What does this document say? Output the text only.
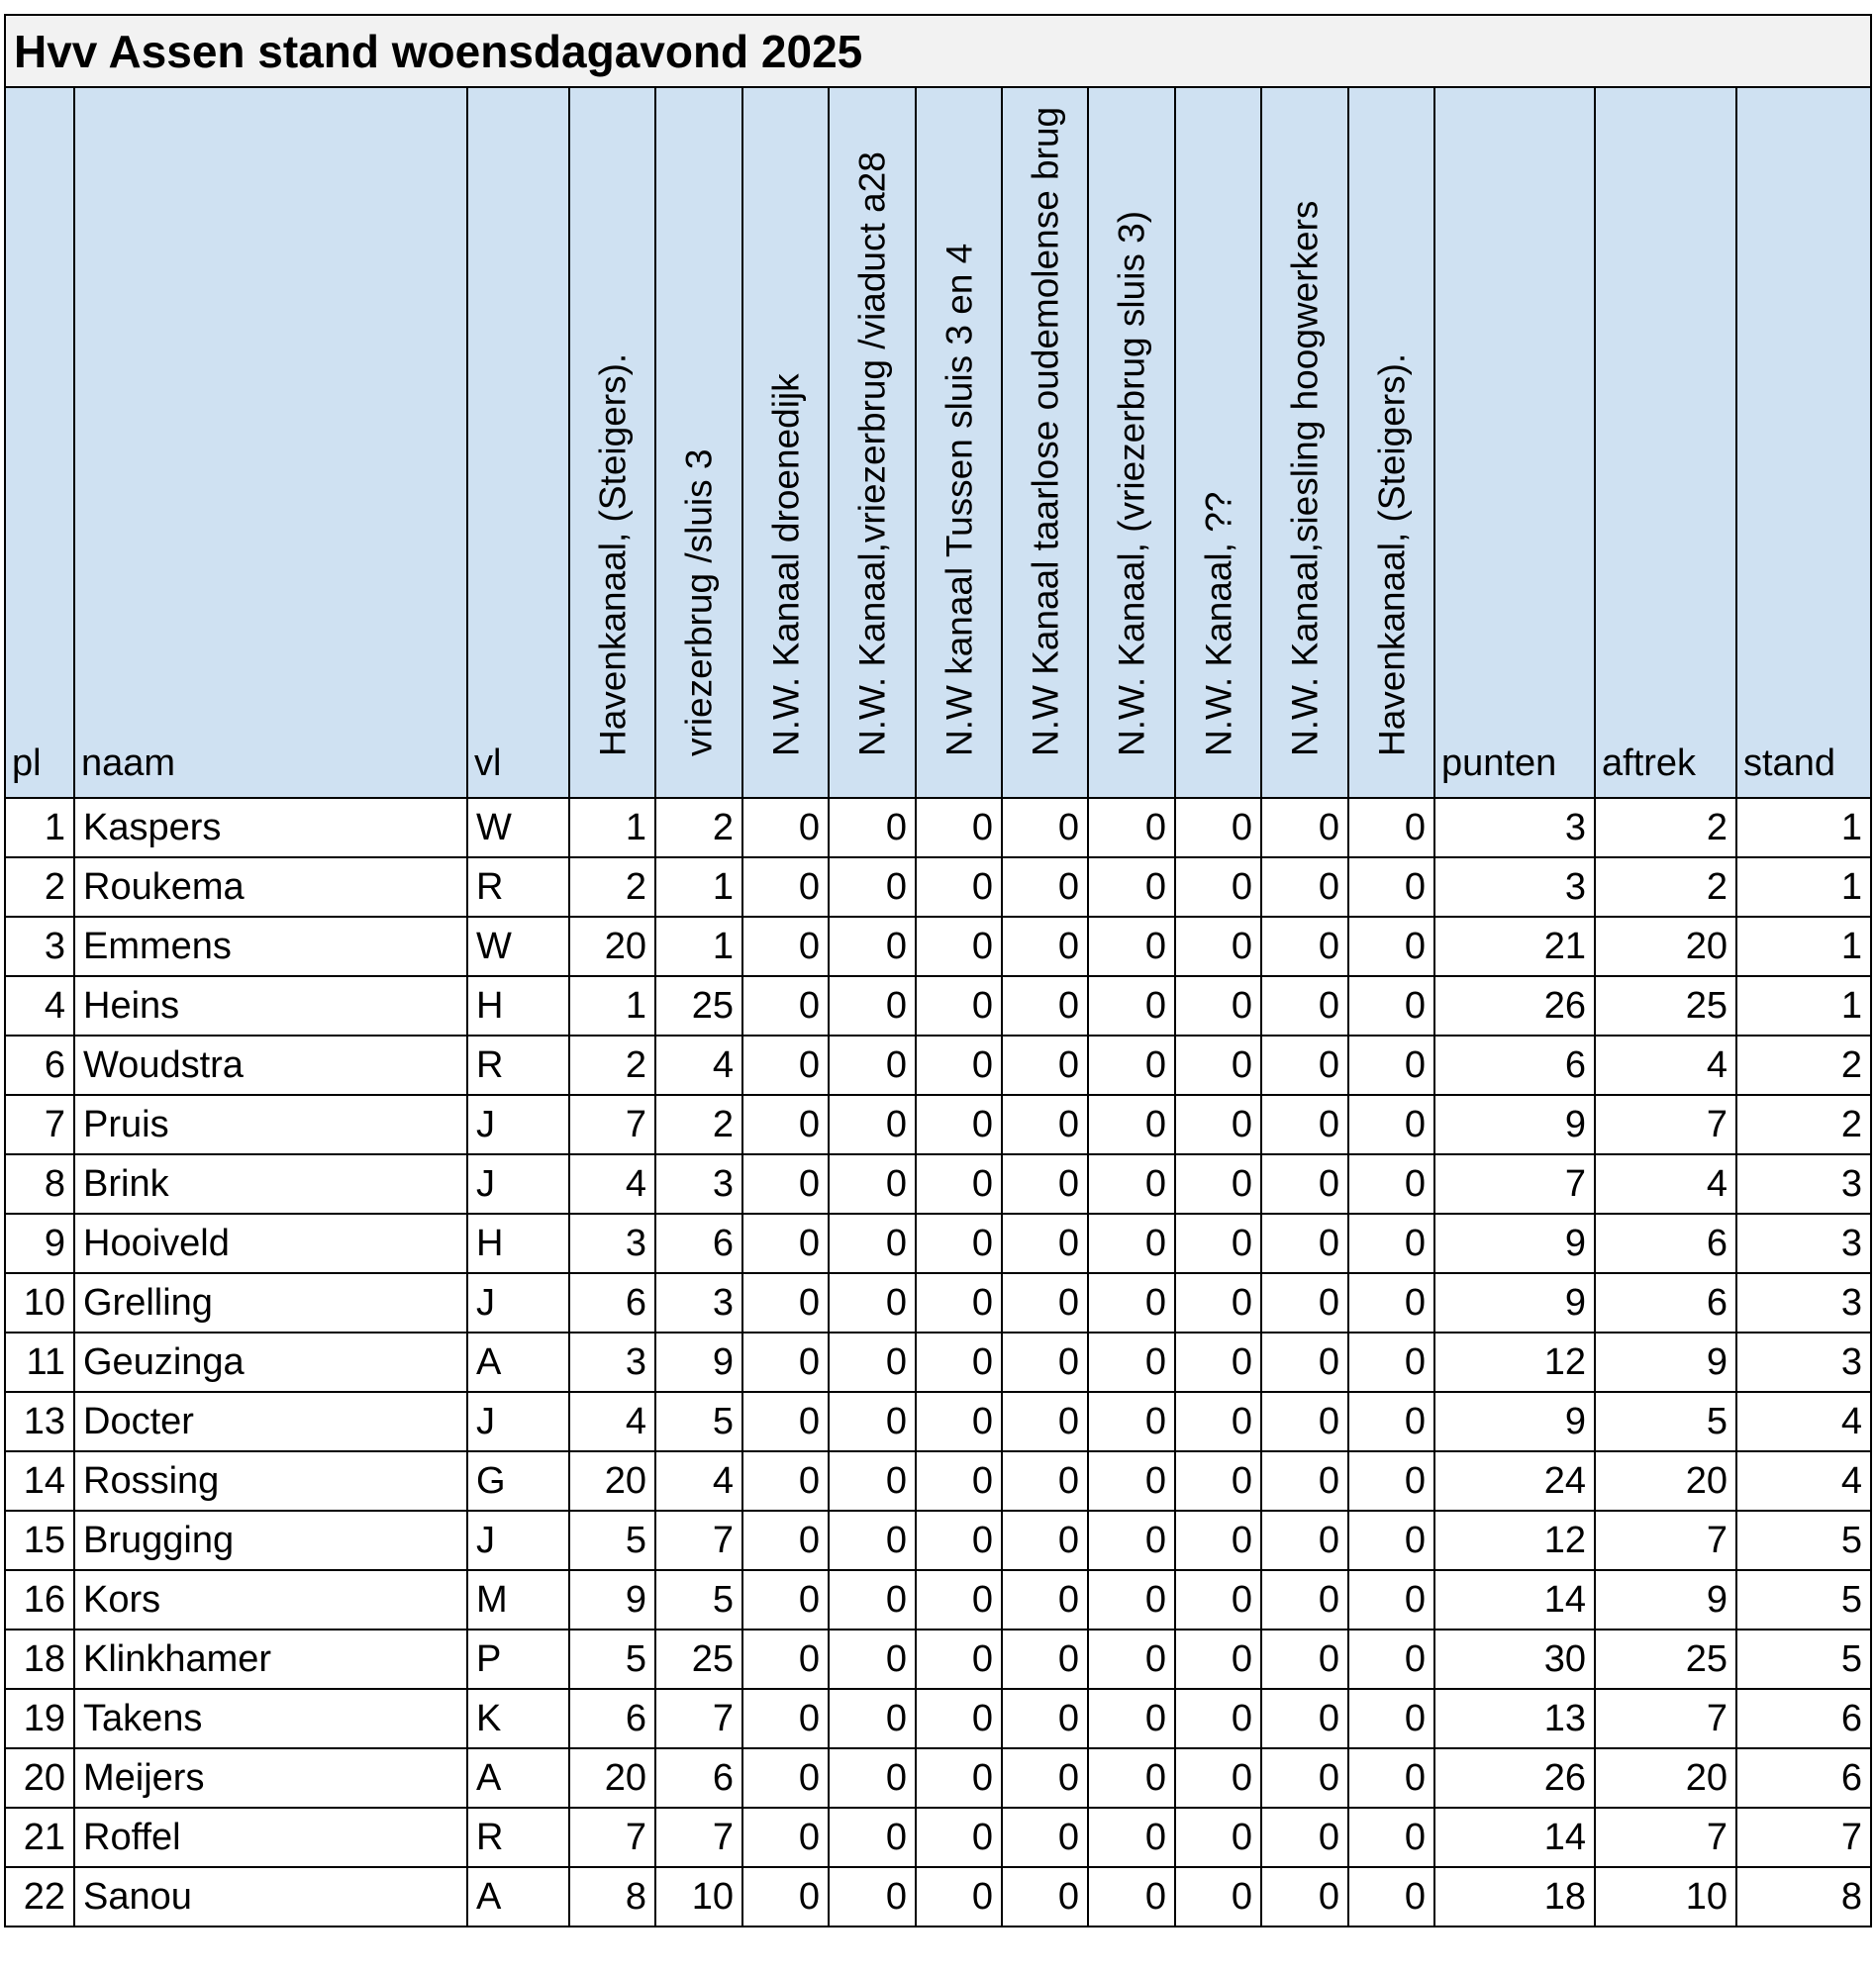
Hvv Assen stand woensdagavond 2025															

pl	naam	vl	Havenkanaal, (Steigers).	vriezerbrug /sluis 3	N.W. Kanaal droenedijk	N.W. Kanaal,vriezerbrug /viaduct a28	N.W kanaal Tussen sluis 3 en 4	N.W Kanaal taarlose oudemolense brug	N.W. Kanaal, (vriezerbrug sluis 3)	N.W. Kanaal, ??	N.W. Kanaal,siesling hoogwerkers	Havenkanaal, (Steigers).	punten	aftrek	stand

1	Kaspers	W	1	2	0	0	0	0	0	0	0	0	3	2	1
2	Roukema	R	2	1	0	0	0	0	0	0	0	0	3	2	1
3	Emmens	W	20	1	0	0	0	0	0	0	0	0	21	20	1
4	Heins	H	1	25	0	0	0	0	0	0	0	0	26	25	1
6	Woudstra	R	2	4	0	0	0	0	0	0	0	0	6	4	2
7	Pruis	J	7	2	0	0	0	0	0	0	0	0	9	7	2
8	Brink	J	4	3	0	0	0	0	0	0	0	0	7	4	3
9	Hooiveld	H	3	6	0	0	0	0	0	0	0	0	9	6	3
10	Grelling	J	6	3	0	0	0	0	0	0	0	0	9	6	3
11	Geuzinga	A	3	9	0	0	0	0	0	0	0	0	12	9	3
13	Docter	J	4	5	0	0	0	0	0	0	0	0	9	5	4
14	Rossing	G	20	4	0	0	0	0	0	0	0	0	24	20	4
15	Brugging	J	5	7	0	0	0	0	0	0	0	0	12	7	5
16	Kors	M	9	5	0	0	0	0	0	0	0	0	14	9	5
18	Klinkhamer	P	5	25	0	0	0	0	0	0	0	0	30	25	5
19	Takens	K	6	7	0	0	0	0	0	0	0	0	13	7	6
20	Meijers	A	20	6	0	0	0	0	0	0	0	0	26	20	6
21	Roffel	R	7	7	0	0	0	0	0	0	0	0	14	7	7
22	Sanou	A	8	10	0	0	0	0	0	0	0	0	18	10	8
